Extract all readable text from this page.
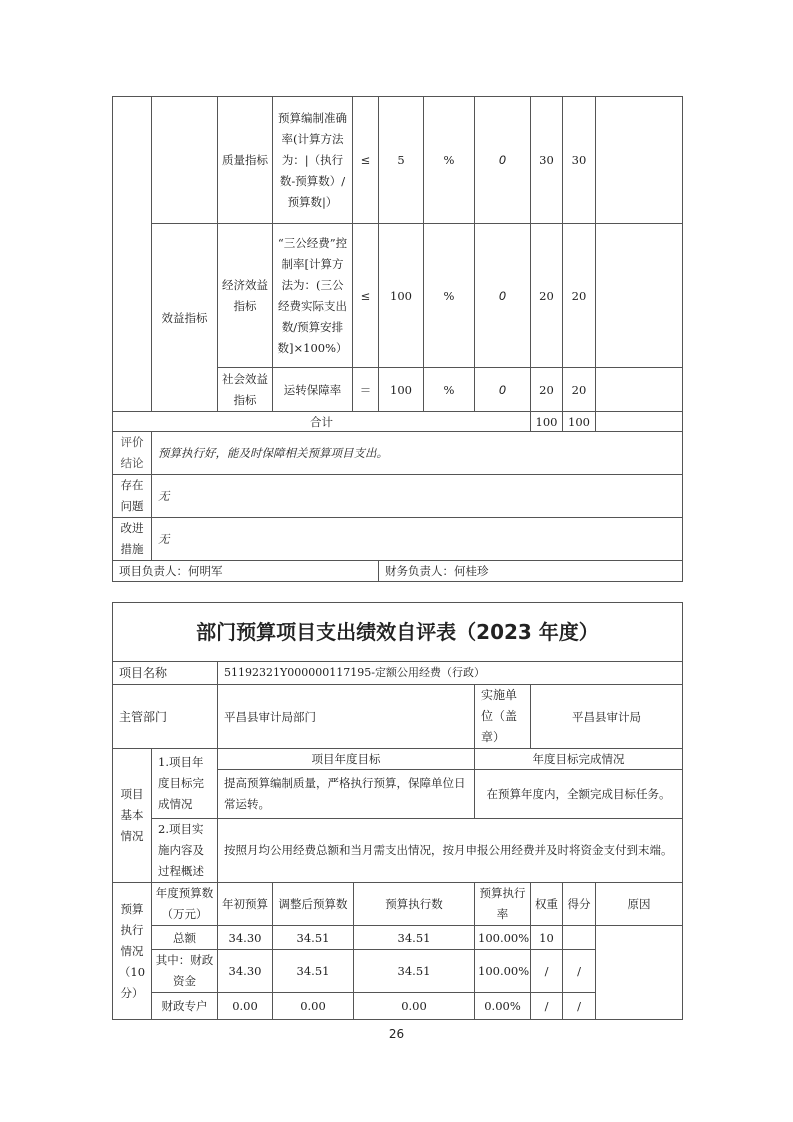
		质量指标	预算编制准确率(计算方法为：|（执行数-预算数）/预算数|）	≤	5	%	0	30	30	
	效益指标	经济效益指标	“三公经费”控制率[计算方法为：(三公经费实际支出数/预算安排数]×100%）	≤	100	%	0	20	20	
		社会效益指标	运转保障率	＝	100	%	0	20	20	
合计								100	100	
评价结论	预算执行好，能及时保障相关预算项目支出。									
存在问题	无									
改进措施	无									
项目负责人：何明军					财务负责人：何桂珍					
部门预算项目支出绩效自评表（2023 年度）								
项目名称		51192321Y000000117195-定额公用经费（行政）						
主管部门		平昌县审计局部门			实施单位（盖章）	平昌县审计局		
项目基本情况	1.项目年度目标完成情况	项目年度目标			年度目标完成情况			
		提高预算编制质量，严格执行预算，保障单位日常运转。			在预算年度内，全额完成目标任务。			
	2.项目实施内容及过程概述	按照月均公用经费总额和当月需支出情况，按月申报公用经费并及时将资金支付到末端。						
预算执行情况（10分）	年度预算数（万元）	年初预算	调整后预算数	预算执行数	预算执行率	权重	得分	原因
	总额	34.30	34.51	34.51	100.00%	10		
	其中：财政资金	34.30	34.51	34.51	100.00%	/	/	
	财政专户	0.00	0.00	0.00	0.00%	/	/	
26
